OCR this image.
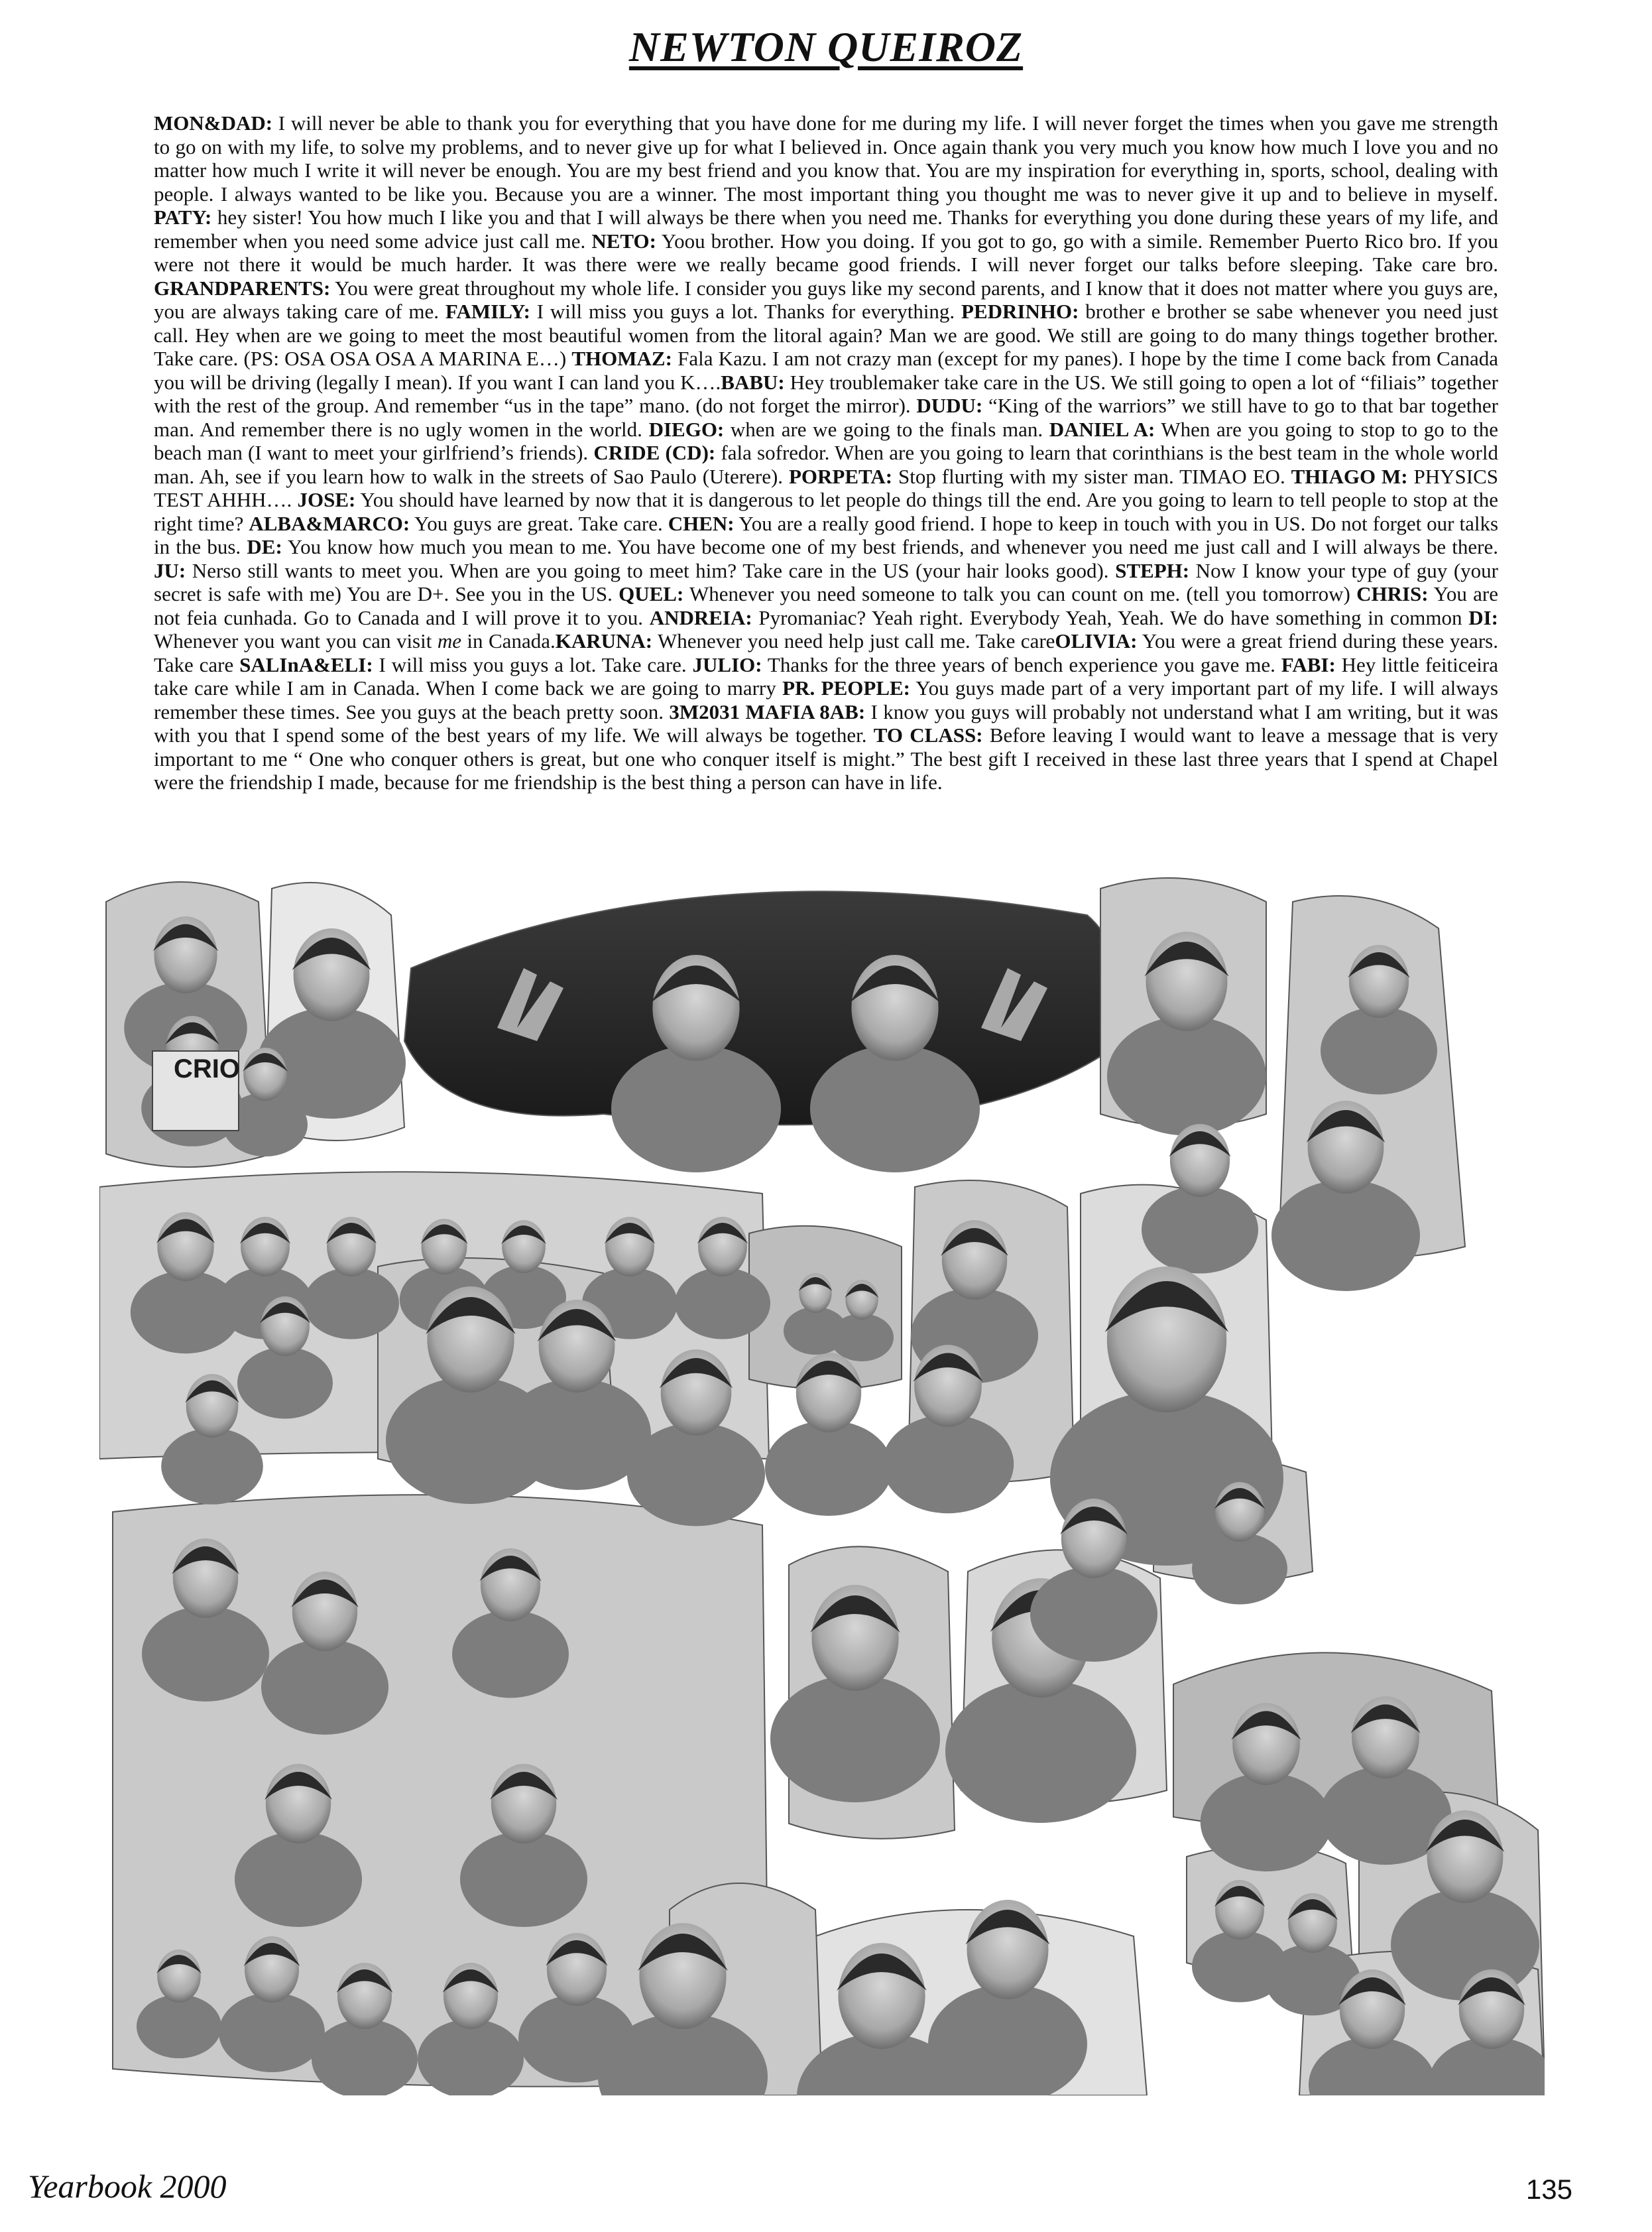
NEWTON QUEIROZ

MON&DAD: I will never be able to thank you for everything that you have done for me during my life. I will never forget the times when you gave me strength to go on with my life, to solve my problems, and to never give up for what I believed in. Once again thank you very much you know how much I love you and no matter how much I write it will never be enough. You are my best friend and you know that. You are my inspiration for everything in, sports, school, dealing with people. I always wanted to be like you. Because you are a winner. The most important thing you thought me was to never give it up and to believe in myself. PATY: hey sister! You how much I like you and that I will always be there when you need me. Thanks for everything you done during these years of my life, and remember when you need some advice just call me. NETO: Yoou brother. How you doing. If you got to go, go with a simile. Remember Puerto Rico bro. If you were not there it would be much harder. It was there were we really became good friends. I will never forget our talks before sleeping. Take care bro. GRANDPARENTS: You were great throughout my whole life. I consider you guys like my second parents, and I know that it does not matter where you guys are, you are always taking care of me. FAMILY: I will miss you guys a lot. Thanks for everything. PEDRINHO: brother e brother se sabe whenever you need just call. Hey when are we going to meet the most beautiful women from the litoral again? Man we are good. We still are going to do many things together brother. Take care. (PS: OSA OSA OSA A MARINA E…) THOMAZ: Fala Kazu. I am not crazy man (except for my panes). I hope by the time I come back from Canada you will be driving (legally I mean). If you want I can land you K….BABU: Hey troublemaker take care in the US. We still going to open a lot of “filiais” together with the rest of the group. And remember “us in the tape” mano. (do not forget the mirror). DUDU: “King of the warriors” we still have to go to that bar together man. And remember there is no ugly women in the world. DIEGO: when are we going to the finals man. DANIEL A: When are you going to stop to go to the beach man (I want to meet your girlfriend’s friends). CRIDE (CD): fala sofredor. When are you going to learn that corinthians is the best team in the whole world man. Ah, see if you learn how to walk in the streets of Sao Paulo (Uterere). PORPETA: Stop flurting with my sister man. TIMAO EO. THIAGO M: PHYSICS TEST AHHH…. JOSE: You should have learned by now that it is dangerous to let people do things till the end. Are you going to learn to tell people to stop at the right time? ALBA&MARCO: You guys are great. Take care. CHEN: You are a really good friend. I hope to keep in touch with you in US. Do not forget our talks in the bus. DE: You know how much you mean to me. You have become one of my best friends, and whenever you need me just call and I will always be there. JU: Nerso still wants to meet you. When are you going to meet him? Take care in the US (your hair looks good). STEPH: Now I know your type of guy (your secret is safe with me) You are D+. See you in the US. QUEL: Whenever you need someone to talk you can count on me. (tell you tomorrow) CHRIS: You are not feia cunhada. Go to Canada and I will prove it to you. ANDREIA: Pyromaniac? Yeah right. Everybody Yeah, Yeah. We do have something in common DI: Whenever you want you can visit me in Canada.KARUNA: Whenever you need help just call me. Take careOLIVIA: You were a great friend during these years. Take care SALInA&ELI: I will miss you guys a lot. Take care. JULIO: Thanks for the three years of bench experience you gave me. FABI: Hey little feiticeira take care while I am in Canada. When I come back we are going to marry PR. PEOPLE: You guys made part of a very important part of my life. I will always remember these times. See you guys at the beach pretty soon. 3M2031 MAFIA 8AB: I know you guys will probably not understand what I am writing, but it was with you that I spend some of the best years of my life. We will always be together. TO CLASS: Before leaving I would want to leave a message that is very important to me “ One who conquer others is great, but one who conquer itself is might.” The best gift I received in these last three years that I spend at Chapel were the friendship I made, because for me friendship is the best thing a person can have in life.

CRIO
Yearbook 2000	135
